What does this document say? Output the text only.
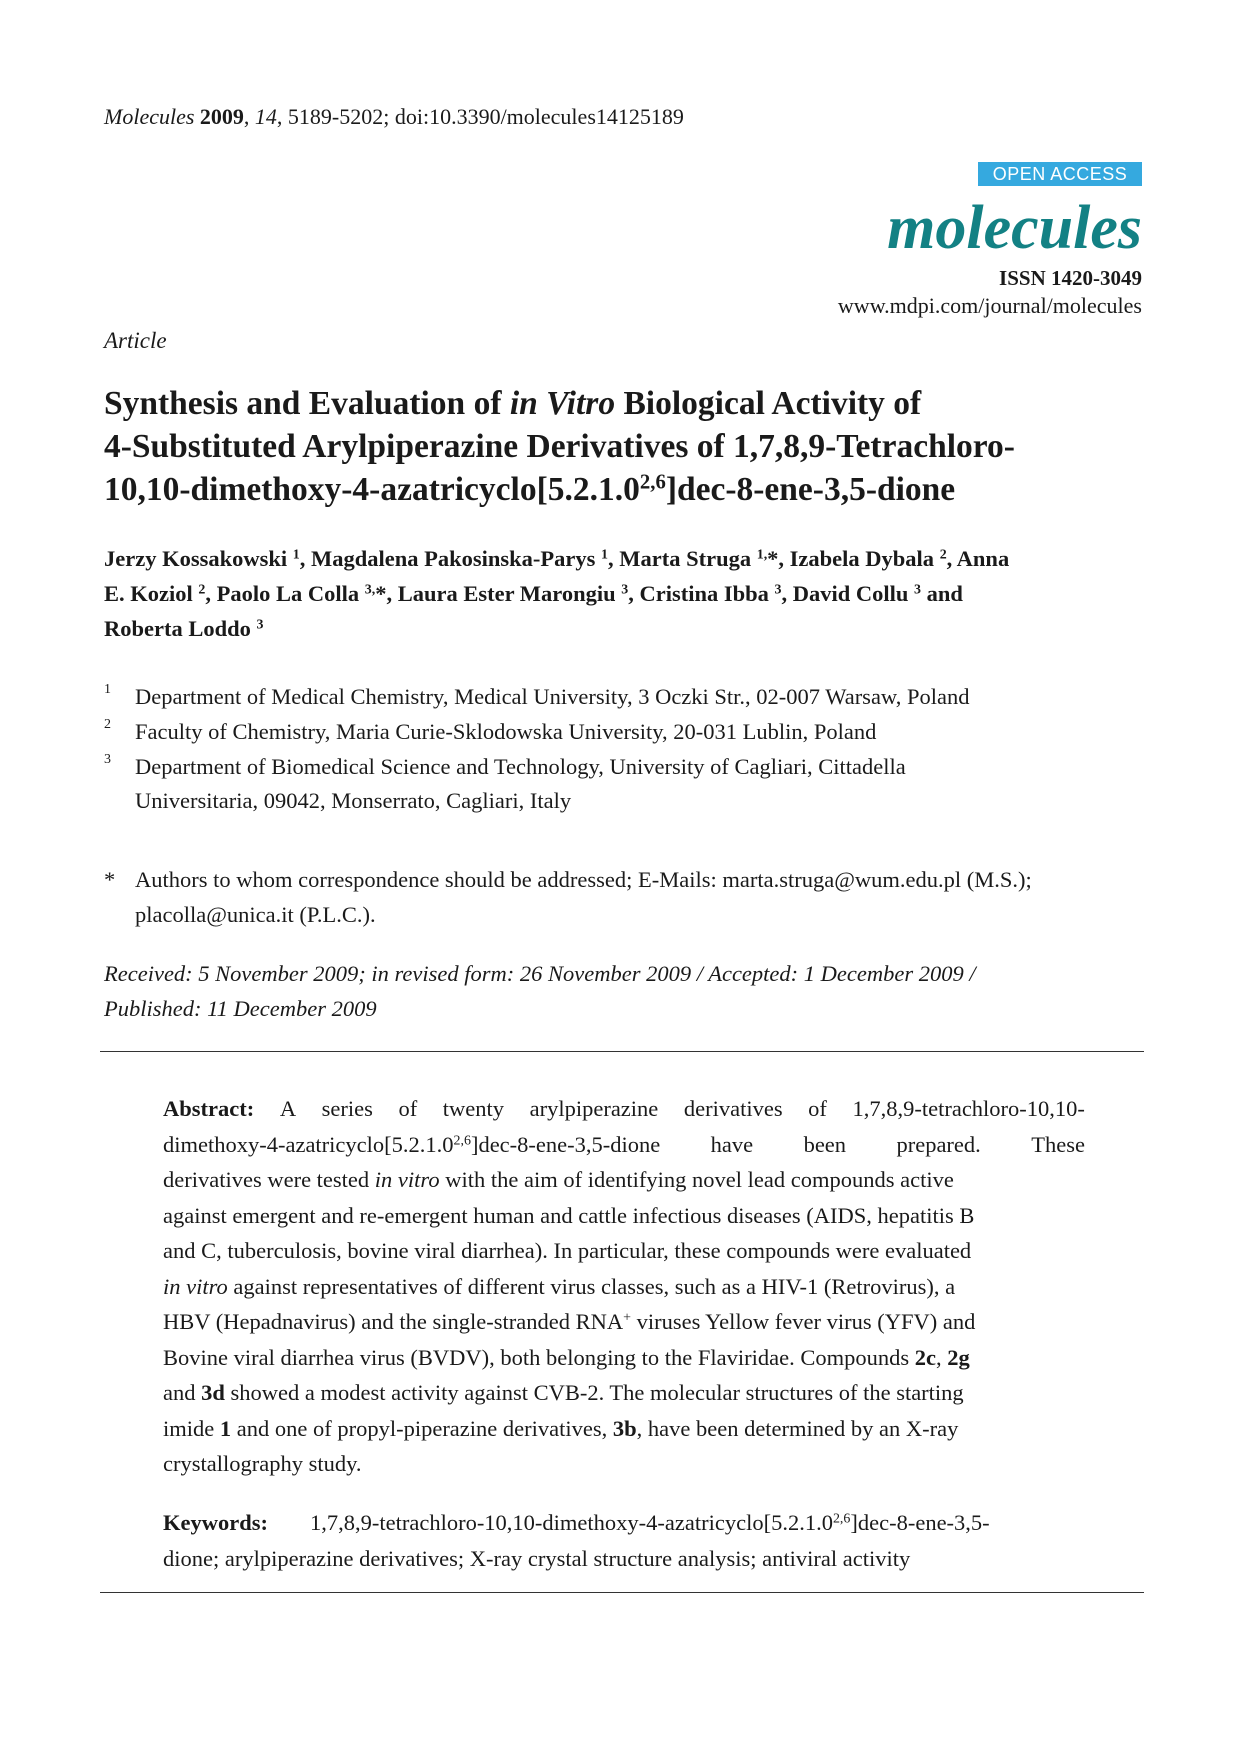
Molecules 2009, 14, 5189-5202; doi:10.3390/molecules14125189
OPEN ACCESS
molecules
ISSN 1420-3049
www.mdpi.com/journal/molecules
Article
Synthesis and Evaluation of in Vitro Biological Activity of
4-Substituted Arylpiperazine Derivatives of 1,7,8,9-Tetrachloro-
10,10-dimethoxy-4-azatricyclo[5.2.1.0$^{2,6}$]dec-8-ene-3,5-dione
Jerzy Kossakowski $^1$, Magdalena Pakosinska-Parys $^1$, Marta Struga $^{1,}$*, Izabela Dybala $^2$, Anna
E. Koziol $^2$, Paolo La Colla $^{3,}$*, Laura Ester Marongiu $^3$, Cristina Ibba $^3$, David Collu $^3$ and
Roberta Loddo $^3$
1 Department of Medical Chemistry, Medical University, 3 Oczki Str., 02-007 Warsaw, Poland
2 Faculty of Chemistry, Maria Curie-Sklodowska University, 20-031 Lublin, Poland
3 Department of Biomedical Science and Technology, University of Cagliari, Cittadella
Universitaria, 09042, Monserrato, Cagliari, Italy
* Authors to whom correspondence should be addressed; E-Mails: marta.struga@wum.edu.pl (M.S.);
placolla@unica.it (P.L.C.).
Received: 5 November 2009; in revised form: 26 November 2009 / Accepted: 1 December 2009 /
Published: 11 December 2009
Abstract: A series of twenty arylpiperazine derivatives of 1,7,8,9-tetrachloro-10,10-
dimethoxy-4-azatricyclo[5.2.1.0$^{2,6}$]dec-8-ene-3,5-dione have been prepared. These
derivatives were tested in vitro with the aim of identifying novel lead compounds active
against emergent and re-emergent human and cattle infectious diseases (AIDS, hepatitis B
and C, tuberculosis, bovine viral diarrhea). In particular, these compounds were evaluated
in vitro against representatives of different virus classes, such as a HIV-1 (Retrovirus), a
HBV (Hepadnavirus) and the single-stranded RNA+ viruses Yellow fever virus (YFV) and
Bovine viral diarrhea virus (BVDV), both belonging to the Flaviridae. Compounds 2c, 2g
and 3d showed a modest activity against CVB-2. The molecular structures of the starting
imide 1 and one of propyl-piperazine derivatives, 3b, have been determined by an X-ray
crystallography study.
Keywords: 1,7,8,9-tetrachloro-10,10-dimethoxy-4-azatricyclo[5.2.1.0$^{2,6}$]dec-8-ene-3,5-
dione; arylpiperazine derivatives; X-ray crystal structure analysis; antiviral activity
